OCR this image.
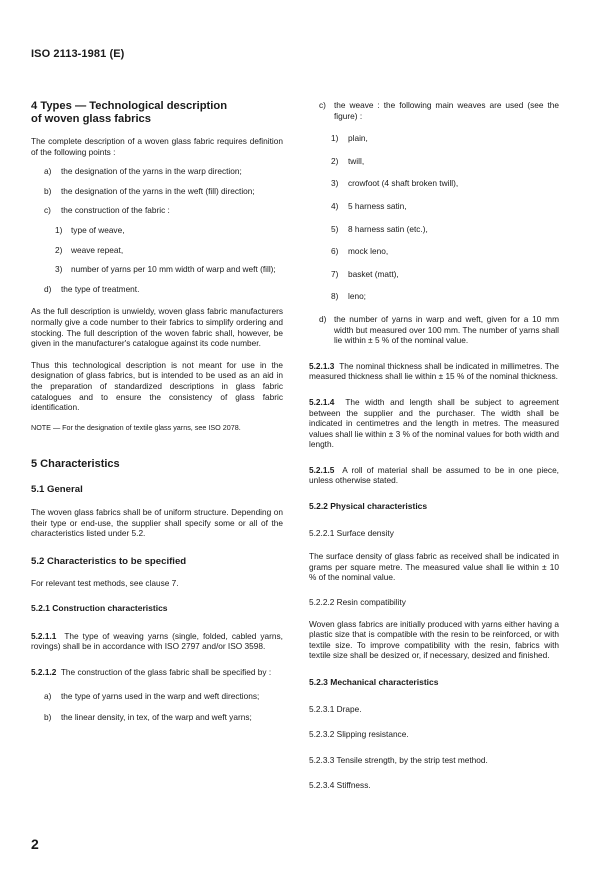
ISO 2113-1981 (E)

4 Types — Technological description

of woven glass fabrics

The complete description of a woven glass fabric requires definition of the following points :

a)	the designation of the yarns in the warp direction;
b)	the designation of the yarns in the weft (fill) direction;
c)	the construction of the fabric :
1)	type of weave,
2)	weave repeat,
3)	number of yarns per 10 mm width of warp and weft (fill);
d)	the type of treatment.

As the full description is unwieldy, woven glass fabric manufacturers normally give a code number to their fabrics to simplify ordering and stocking. The full description of the woven fabric shall, however, be given in the manufacturer's catalogue against its code number.

Thus this technological description is not meant for use in the designation of glass fabrics, but is intended to be used as an aid in the preparation of standardized descriptions in glass fabric catalogues and to ensure the consistency of glass fabric identification.

NOTE — For the designation of textile glass yarns, see ISO 2078.

5 Characteristics

5.1 General

The woven glass fabrics shall be of uniform structure. Depending on their type or end-use, the supplier shall specify some or all of the characteristics listed under 5.2.

5.2 Characteristics to be specified

For relevant test methods, see clause 7.

5.2.1 Construction characteristics

5.2.1.1 The type of weaving yarns (single, folded, cabled yarns, rovings) shall be in accordance with ISO 2797 and/or ISO 3598.

5.2.1.2 The construction of the glass fabric shall be specified by :

a)	the type of yarns used in the warp and weft directions;
b)	the linear density, in tex, of the warp and weft yarns;
c) the weave : the following main weaves are used (see the figure) :
1)	plain,
2)	twill,
3)	crowfoot (4 shaft broken twill),
4)	5 harness satin,
5)	8 harness satin (etc.),
6)	mock leno,
7)	basket (matt),
8)	leno;
d) the number of yarns in warp and weft, given for a 10 mm width but measured over 100 mm. The number of yarns shall lie within ± 5 % of the nominal value.

5.2.1.3 The nominal thickness shall be indicated in millimetres. The measured thickness shall lie within ± 15 % of the nominal thickness.

5.2.1.4 The width and length shall be subject to agreement between the supplier and the purchaser. The width shall be indicated in centimetres and the length in metres. The measured values shall lie within ± 3 % of the nominal values for both width and length.

5.2.1.5 A roll of material shall be assumed to be in one piece, unless otherwise stated.

5.2.2 Physical characteristics

5.2.2.1 Surface density

The surface density of glass fabric as received shall be indicated in grams per square metre. The measured value shall lie within ± 10 % of the nominal value.

5.2.2.2 Resin compatibility

Woven glass fabrics are initially produced with yarns either having a plastic size that is compatible with the resin to be reinforced, or with textile size. To improve compatibility with the resin, fabrics with textile size shall be desized or, if necessary, desized and finished.

5.2.3 Mechanical characteristics

5.2.3.1 Drape.

5.2.3.2 Slipping resistance.

5.2.3.3 Tensile strength, by the strip test method.

5.2.3.4 Stiffness.

2
